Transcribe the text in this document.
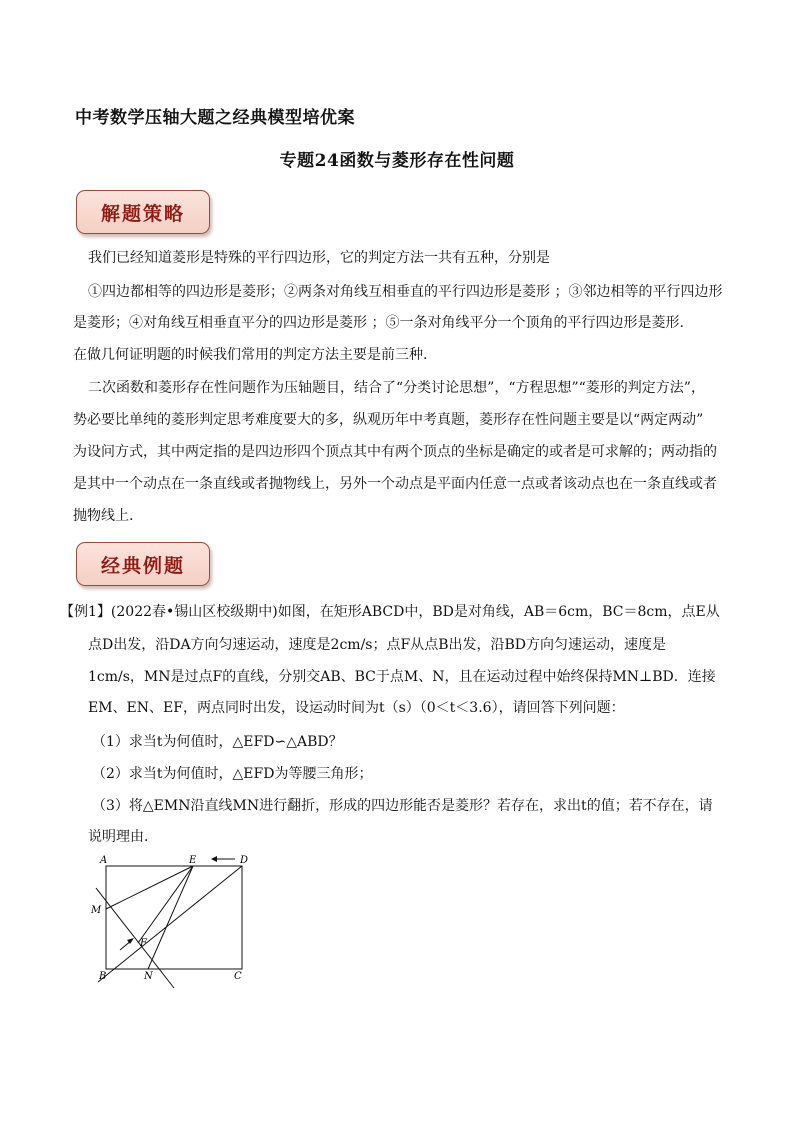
中考数学压轴大题之经典模型培优案
专题24函数与菱形存在性问题
解题策略
我们已经知道菱形是特殊的平行四边形，它的判定方法一共有五种，分别是
①四边都相等的四边形是菱形；②两条对角线互相垂直的平行四边形是菱形 ；③邻边相等的平行四边形
是菱形；④对角线互相垂直平分的四边形是菱形 ；⑤一条对角线平分一个顶角的平行四边形是菱形.
在做几何证明题的时候我们常用的判定方法主要是前三种.
二次函数和菱形存在性问题作为压轴题目，结合了“分类讨论思想”，“方程思想”“菱形的判定方法”，
势必要比单纯的菱形判定思考难度要大的多，纵观历年中考真题，菱形存在性问题主要是以“两定两动”
为设问方式，其中两定指的是四边形四个顶点其中有两个顶点的坐标是确定的或者是可求解的；两动指的
是其中一个动点在一条直线或者抛物线上，另外一个动点是平面内任意一点或者该动点也在一条直线或者
抛物线上.
经典例题
【例1】(2022春•锡山区校级期中)如图，在矩形ABCD中，BD是对角线，AB＝6cm，BC＝8cm，点E从
点D出发，沿DA方向匀速运动，速度是2cm/s；点F从点B出发，沿BD方向匀速运动，速度是
1cm/s，MN是过点F的直线，分别交AB、BC于点M、N，且在运动过程中始终保持MN⊥BD．连接
EM、EN、EF，两点同时出发，设运动时间为t（s）（0＜t＜3.6），请回答下列问题：
（1）求当t为何值时，△EFD∽△ABD？
（2）求当t为何值时，△EFD为等腰三角形；
（3）将△EMN沿直线MN进行翻折，形成的四边形能否是菱形？若存在，求出t的值；若不存在，请
说明理由．
A	E	D
M
F
B	N	C
